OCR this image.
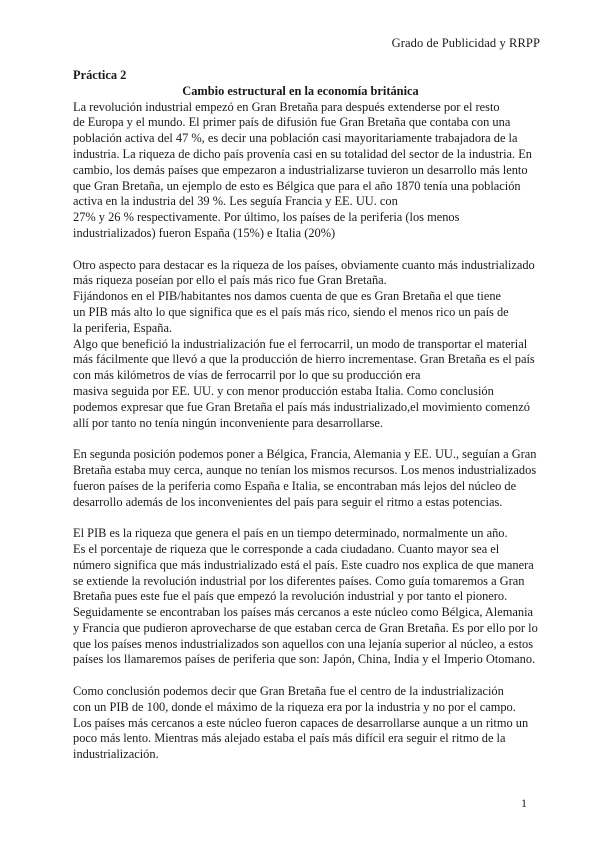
Grado de Publicidad y RRPP

Práctica 2

Cambio estructural en la economía británica

La revolución industrial empezó en Gran Bretaña para después extenderse por el resto
de Europa y el mundo. El primer país de difusión fue Gran Bretaña que contaba con una
población activa del 47 %, es decir una población casi mayoritariamente trabajadora de la
industria. La riqueza de dicho país provenía casi en su totalidad del sector de la industria. En
cambio, los demás países que empezaron a industrializarse tuvieron un desarrollo más lento
que Gran Bretaña, un ejemplo de esto es Bélgica que para el año 1870 tenía una población
activa en la industria del 39 %. Les seguía Francia y EE. UU. con
27% y 26 % respectivamente. Por último, los países de la periferia (los menos
industrializados) fueron España (15%) e Italia (20%)

Otro aspecto para destacar es la riqueza de los países, obviamente cuanto más industrializado
más riqueza poseían por ello el país más rico fue Gran Bretaña.
Fijándonos en el PIB/habitantes nos damos cuenta de que es Gran Bretaña el que tiene
un PIB más alto lo que significa que es el país más rico, siendo el menos rico un país de
la periferia, España.
Algo que benefició la industrialización fue el ferrocarril, un modo de transportar el material
más fácilmente que llevó a que la producción de hierro incrementase. Gran Bretaña es el país
con más kilómetros de vías de ferrocarril por lo que su producción era
masiva seguida por EE. UU. y con menor producción estaba Italia. Como conclusión
podemos expresar que fue Gran Bretaña el país más industrializado,el movimiento comenzó
allí por tanto no tenía ningún inconveniente para desarrollarse.

En segunda posición podemos poner a Bélgica, Francia, Alemania y EE. UU., seguían a Gran
Bretaña estaba muy cerca, aunque no tenían los mismos recursos. Los menos industrializados
fueron países de la periferia como España e Italia, se encontraban más lejos del núcleo de
desarrollo además de los inconvenientes del país para seguir el ritmo a estas potencias.

El PIB es la riqueza que genera el país en un tiempo determinado, normalmente un año.
Es el porcentaje de riqueza que le corresponde a cada ciudadano. Cuanto mayor sea el
número significa que más industrializado está el país. Este cuadro nos explica de que manera
se extiende la revolución industrial por los diferentes países. Como guía tomaremos a Gran
Bretaña pues este fue el país que empezó la revolución industrial y por tanto el pionero.
Seguidamente se encontraban los países más cercanos a este núcleo como Bélgica, Alemania
y Francia que pudieron aprovecharse de que estaban cerca de Gran Bretaña. Es por ello por lo
que los países menos industrializados son aquellos con una lejanía superior al núcleo, a estos
países los llamaremos países de periferia que son: Japón, China, India y el Imperio Otomano.

Como conclusión podemos decir que Gran Bretaña fue el centro de la industrialización
con un PIB de 100, donde el máximo de la riqueza era por la industria y no por el campo.
Los países más cercanos a este núcleo fueron capaces de desarrollarse aunque a un ritmo un
poco más lento. Mientras más alejado estaba el país más difícil era seguir el ritmo de la
industrialización.

1
